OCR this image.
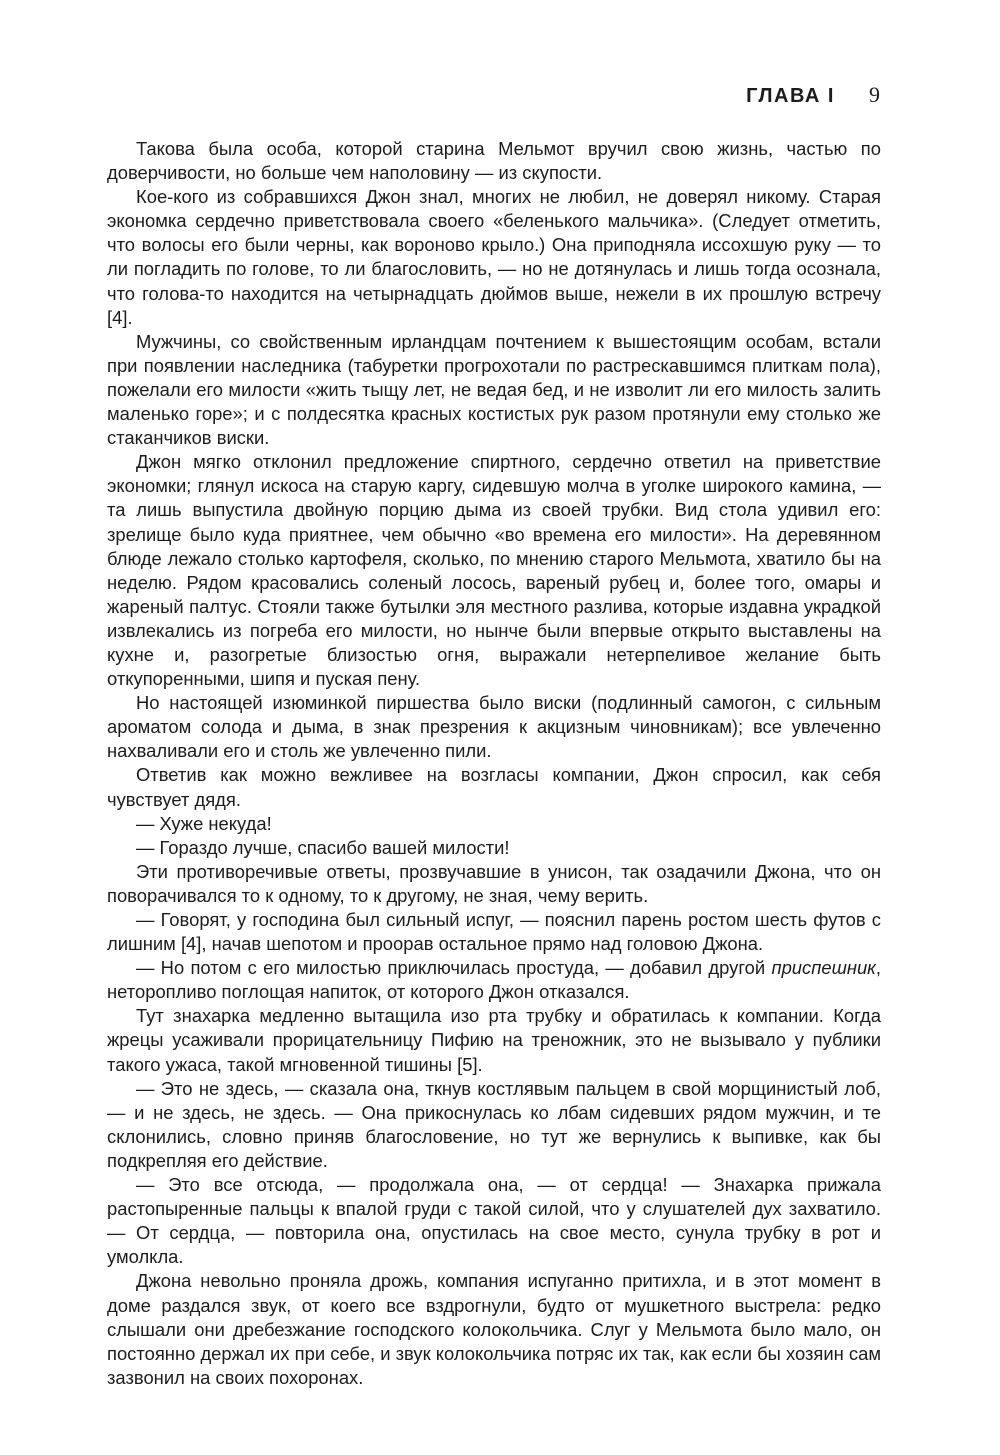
ГЛАВА I 9

Такова была особа, которой старина Мельмот вручил свою жизнь, частью по доверчивости, но больше чем наполовину — из скупости.

Кое-кого из собравшихся Джон знал, многих не любил, не доверял никому. Старая экономка сердечно приветствовала своего «беленького мальчика». (Следует отметить, что волосы его были черны, как вороново крыло.) Она приподняла иссохшую руку — то ли погладить по голове, то ли благословить, — но не дотянулась и лишь тогда осознала, что голова-то находится на четырнадцать дюймов выше, нежели в их прошлую встречу [4].

Мужчины, со свойственным ирландцам почтением к вышестоящим особам, встали при появлении наследника (табуретки прогрохотали по растрескавшимся плиткам пола), пожелали его милости «жить тыщу лет, не ведая бед, и не изволит ли его милость залить маленько горе»; и с полдесятка красных костистых рук разом протянули ему столько же стаканчиков виски.

Джон мягко отклонил предложение спиртного, сердечно ответил на приветствие экономки; глянул искоса на старую каргу, сидевшую молча в уголке широкого камина, — та лишь выпустила двойную порцию дыма из своей трубки. Вид стола удивил его: зрелище было куда приятнее, чем обычно «во времена его милости». На деревянном блюде лежало столько картофеля, сколько, по мнению старого Мельмота, хватило бы на неделю. Рядом красовались соленый лосось, вареный рубец и, более того, омары и жареный палтус. Стояли также бутылки эля местного разлива, которые издавна украдкой извлекались из погреба его милости, но нынче были впервые открыто выставлены на кухне и, разогретые близостью огня, выражали нетерпеливое желание быть откупоренными, шипя и пуская пену.

Но настоящей изюминкой пиршества было виски (подлинный самогон, с сильным ароматом солода и дыма, в знак презрения к акцизным чиновникам); все увлеченно нахваливали его и столь же увлеченно пили.

Ответив как можно вежливее на возгласы компании, Джон спросил, как себя чувствует дядя.

— Хуже некуда!

— Гораздо лучше, спасибо вашей милости!

Эти противоречивые ответы, прозвучавшие в унисон, так озадачили Джона, что он поворачивался то к одному, то к другому, не зная, чему верить.

— Говорят, у господина был сильный испуг, — пояснил парень ростом шесть футов с лишним [4], начав шепотом и проорав остальное прямо над головою Джона.

— Но потом с его милостью приключилась простуда, — добавил другой приспешник, неторопливо поглощая напиток, от которого Джон отказался.

Тут знахарка медленно вытащила изо рта трубку и обратилась к компании. Когда жрецы усаживали прорицательницу Пифию на треножник, это не вызывало у публики такого ужаса, такой мгновенной тишины [5].

— Это не здесь, — сказала она, ткнув костлявым пальцем в свой морщинистый лоб, — и не здесь, не здесь. — Она прикоснулась ко лбам сидевших рядом мужчин, и те склонились, словно приняв благословение, но тут же вернулись к выпивке, как бы подкрепляя его действие.

— Это все отсюда, — продолжала она, — от сердца! — Знахарка прижала растопыренные пальцы к впалой груди с такой силой, что у слушателей дух захватило. — От сердца, — повторила она, опустилась на свое место, сунула трубку в рот и умолкла.

Джона невольно проняла дрожь, компания испуганно притихла, и в этот момент в доме раздался звук, от коего все вздрогнули, будто от мушкетного выстрела: редко слышали они дребезжание господского колокольчика. Слуг у Мельмота было мало, он постоянно держал их при себе, и звук колокольчика потряс их так, как если бы хозяин сам зазвонил на своих похоронах.
